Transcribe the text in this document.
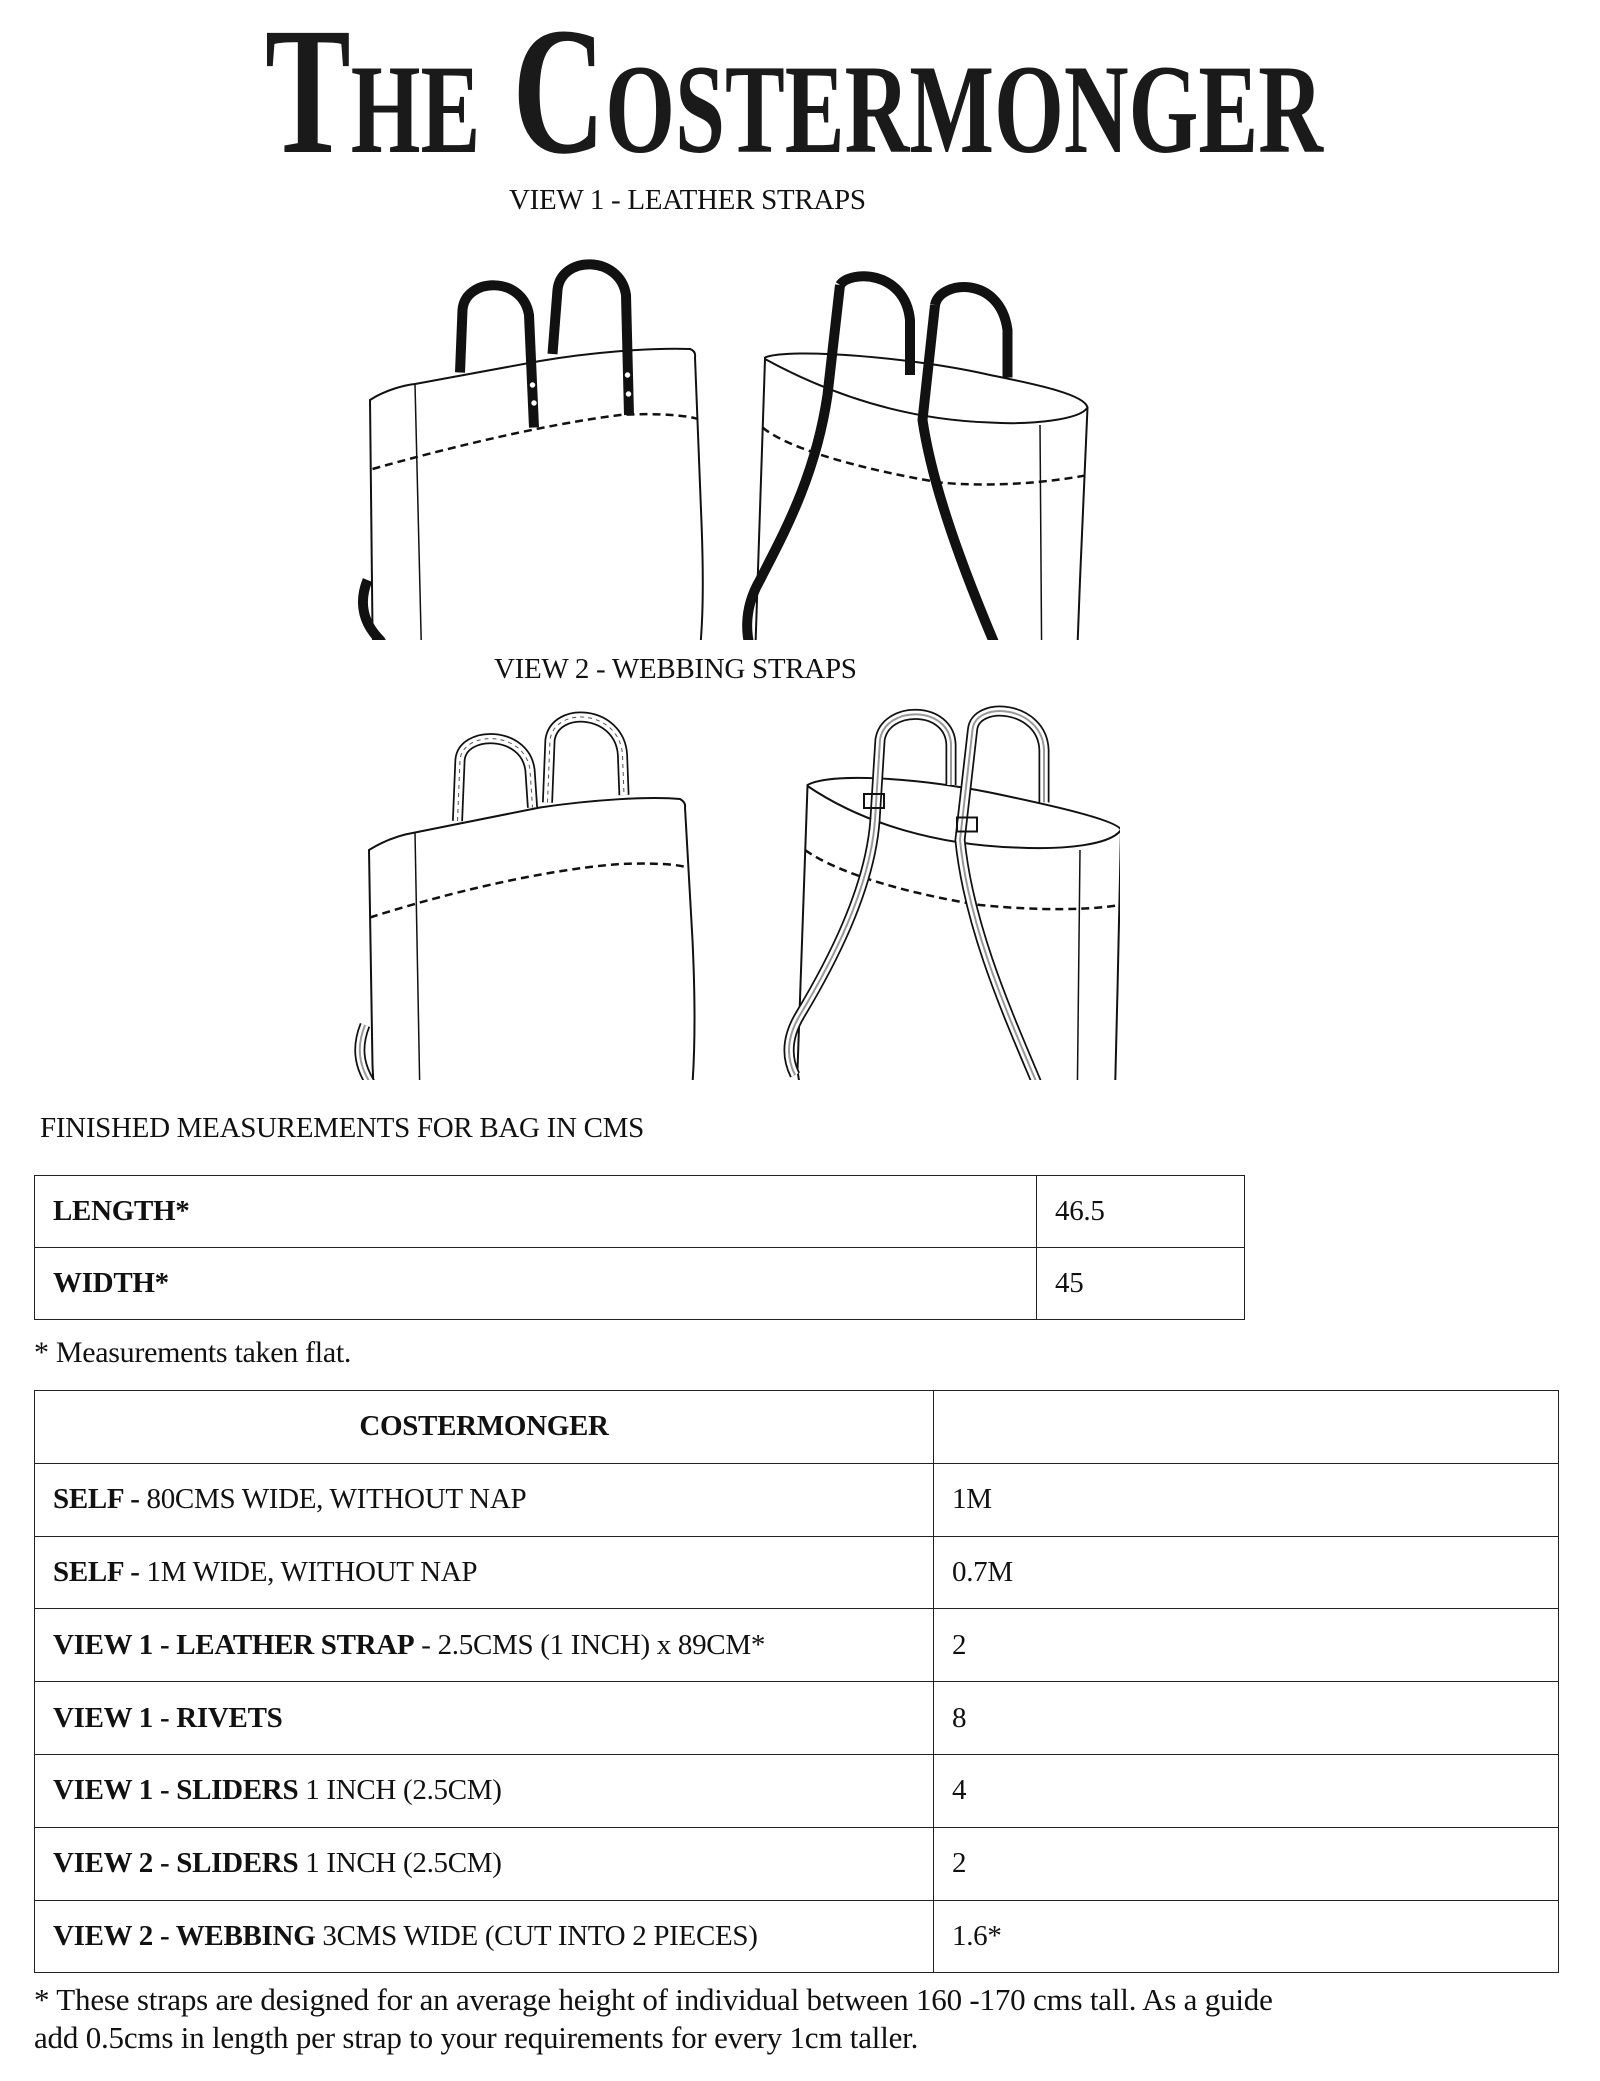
The Costermonger
VIEW 1 - LEATHER STRAPS
VIEW 2 - WEBBING STRAPS
FINISHED MEASUREMENTS FOR BAG IN CMS
LENGTH*	46.5
WIDTH*	45
* Measurements taken flat.
COSTERMONGER	
SELF - 80CMS WIDE, WITHOUT NAP	1M
SELF - 1M WIDE, WITHOUT NAP	0.7M
VIEW 1 - LEATHER STRAP - 2.5CMS (1 INCH) x 89CM*	2
VIEW 1 - RIVETS	8
VIEW 1 - SLIDERS 1 INCH (2.5CM)	4
VIEW 2 - SLIDERS 1 INCH (2.5CM)	2
VIEW 2 - WEBBING 3CMS WIDE (CUT INTO 2 PIECES)	1.6*
* These straps are designed for an average height of individual between 160 -170 cms tall. As a guide
add 0.5cms in length per strap to your requirements for every 1cm taller.
